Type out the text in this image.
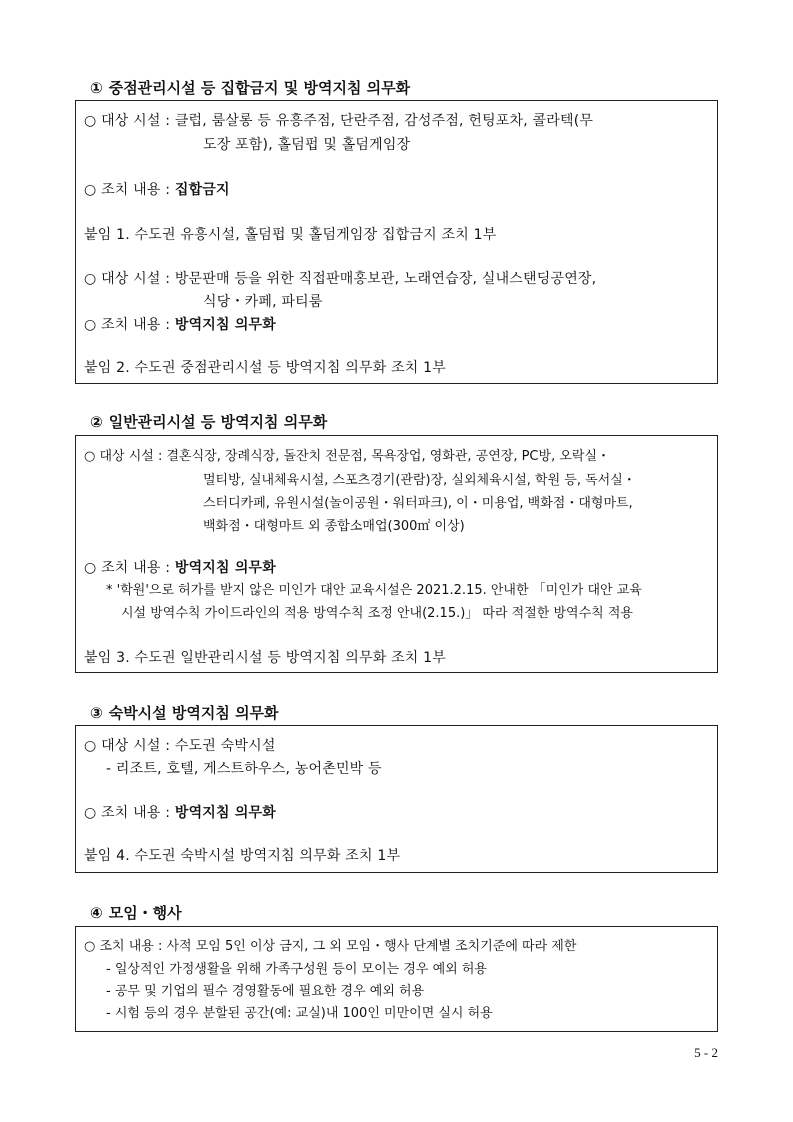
① 중점관리시설 등 집합금지 및 방역지침 의무화
○ 대상 시설 : 클럽, 룸살롱 등 유흥주점, 단란주점, 감성주점, 헌팅포차, 콜라텍(무
도장 포함), 홀덤펍 및 홀덤게임장
○ 조치 내용 : 집합금지
붙임 1. 수도권 유흥시설, 홀덤펍 및 홀덤게임장 집합금지 조치 1부
○ 대상 시설 : 방문판매 등을 위한 직접판매홍보관, 노래연습장, 실내스탠딩공연장,
식당・카페, 파티룸
○ 조치 내용 : 방역지침 의무화
붙임 2. 수도권 중점관리시설 등 방역지침 의무화 조치 1부
② 일반관리시설 등 방역지침 의무화
○ 대상 시설 : 결혼식장, 장례식장, 돌잔치 전문점, 목욕장업, 영화관, 공연장, PC방, 오락실・
멀티방, 실내체육시설, 스포츠경기(관람)장, 실외체육시설, 학원 등, 독서실・
스터디카페, 유원시설(놀이공원・워터파크), 이・미용업, 백화점・대형마트,
백화점・대형마트 외 종합소매업(300㎡ 이상)
○ 조치 내용 : 방역지침 의무화
* '학원'으로 허가를 받지 않은 미인가 대안 교육시설은 2021.2.15. 안내한 「미인가 대안 교육
시설 방역수칙 가이드라인의 적용 방역수칙 조정 안내(2.15.)」 따라 적절한 방역수칙 적용
붙임 3. 수도권 일반관리시설 등 방역지침 의무화 조치 1부
③ 숙박시설 방역지침 의무화
○ 대상 시설 : 수도권 숙박시설
- 리조트, 호텔, 게스트하우스, 농어촌민박 등
○ 조치 내용 : 방역지침 의무화
붙임 4. 수도권 숙박시설 방역지침 의무화 조치 1부
④ 모임・행사
○ 조치 내용 : 사적 모임 5인 이상 금지, 그 외 모임・행사 단계별 조치기준에 따라 제한
- 일상적인 가정생활을 위해 가족구성원 등이 모이는 경우 예외 허용
- 공무 및 기업의 필수 경영활동에 필요한 경우 예외 허용
- 시험 등의 경우 분할된 공간(예: 교실)내 100인 미만이면 실시 허용
5 - 2
